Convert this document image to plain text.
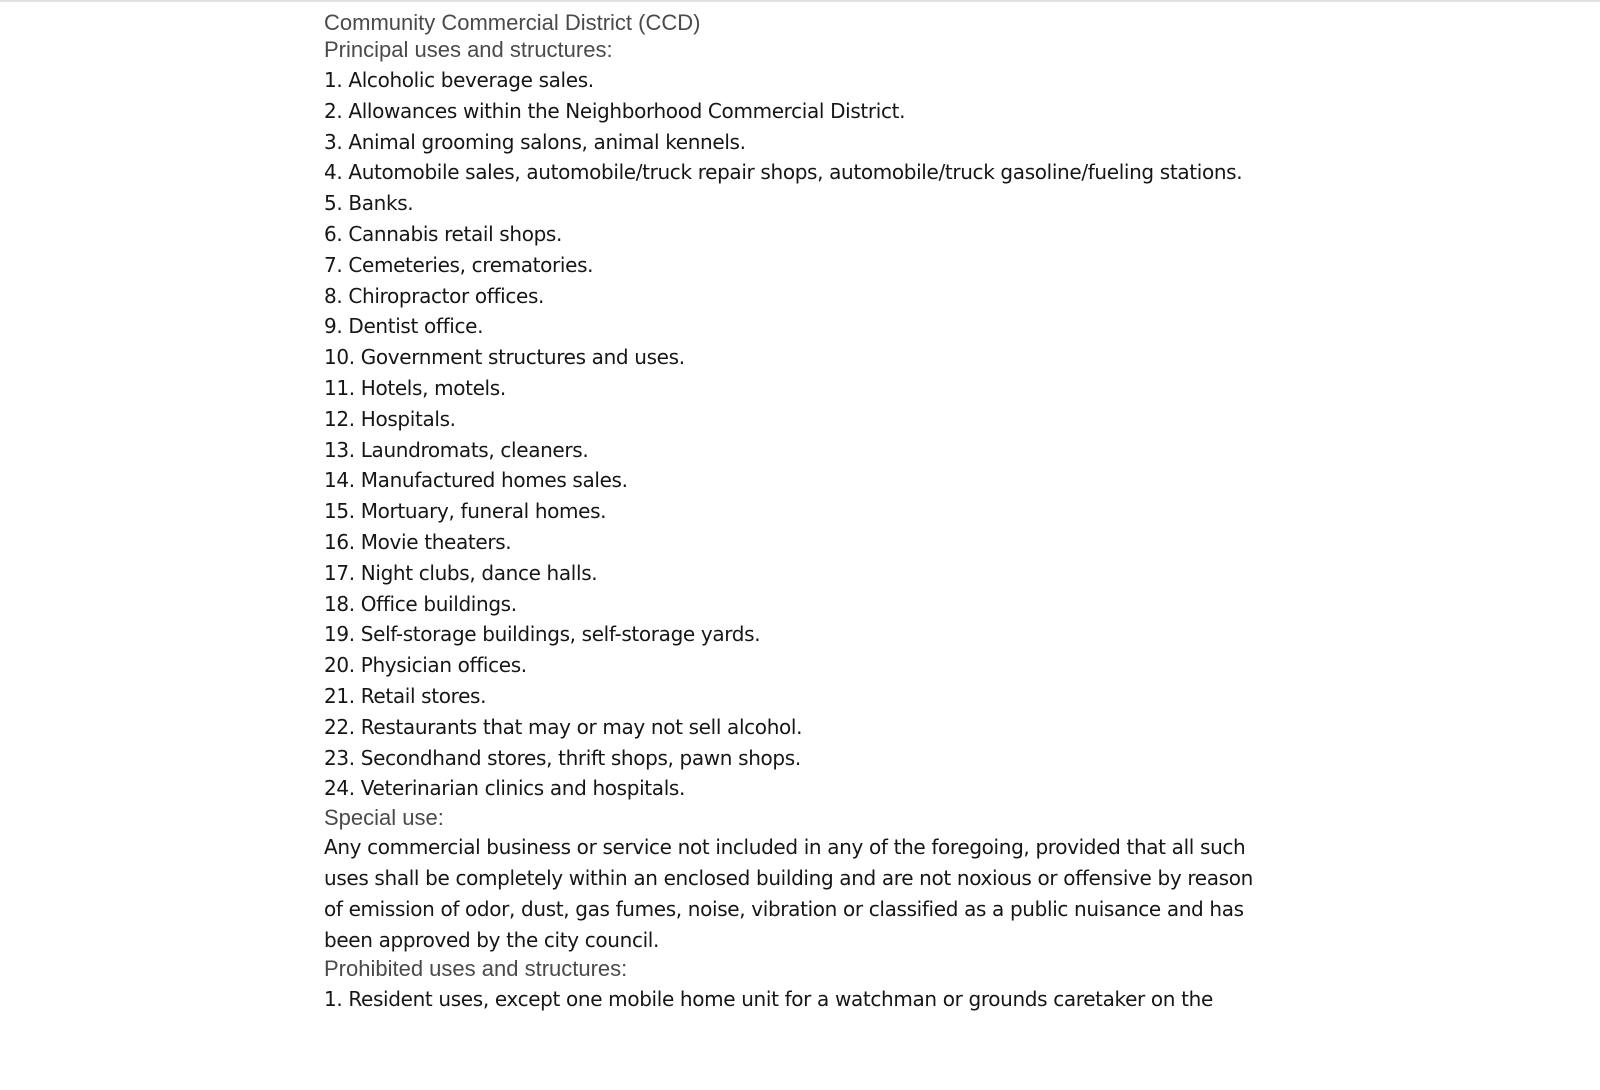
Community Commercial District (CCD)

Principal uses and structures:

1. Alcoholic beverage sales.
2. Allowances within the Neighborhood Commercial District.
3. Animal grooming salons, animal kennels.
4. Automobile sales, automobile/truck repair shops, automobile/truck gasoline/fueling stations.
5. Banks.
6. Cannabis retail shops.
7. Cemeteries, crematories.
8. Chiropractor offices.
9. Dentist office.
10. Government structures and uses.
11. Hotels, motels.
12. Hospitals.
13. Laundromats, cleaners.
14. Manufactured homes sales.
15. Mortuary, funeral homes.
16. Movie theaters.
17. Night clubs, dance halls.
18. Office buildings.
19. Self-storage buildings, self-storage yards.
20. Physician offices.
21. Retail stores.
22. Restaurants that may or may not sell alcohol.
23. Secondhand stores, thrift shops, pawn shops.
24. Veterinarian clinics and hospitals.

Special use:

Any commercial business or service not included in any of the foregoing, provided that all such
uses shall be completely within an enclosed building and are not noxious or offensive by reason
of emission of odor, dust, gas fumes, noise, vibration or classified as a public nuisance and has
been approved by the city council.

Prohibited uses and structures:

1. Resident uses, except one mobile home unit for a watchman or grounds caretaker on the
